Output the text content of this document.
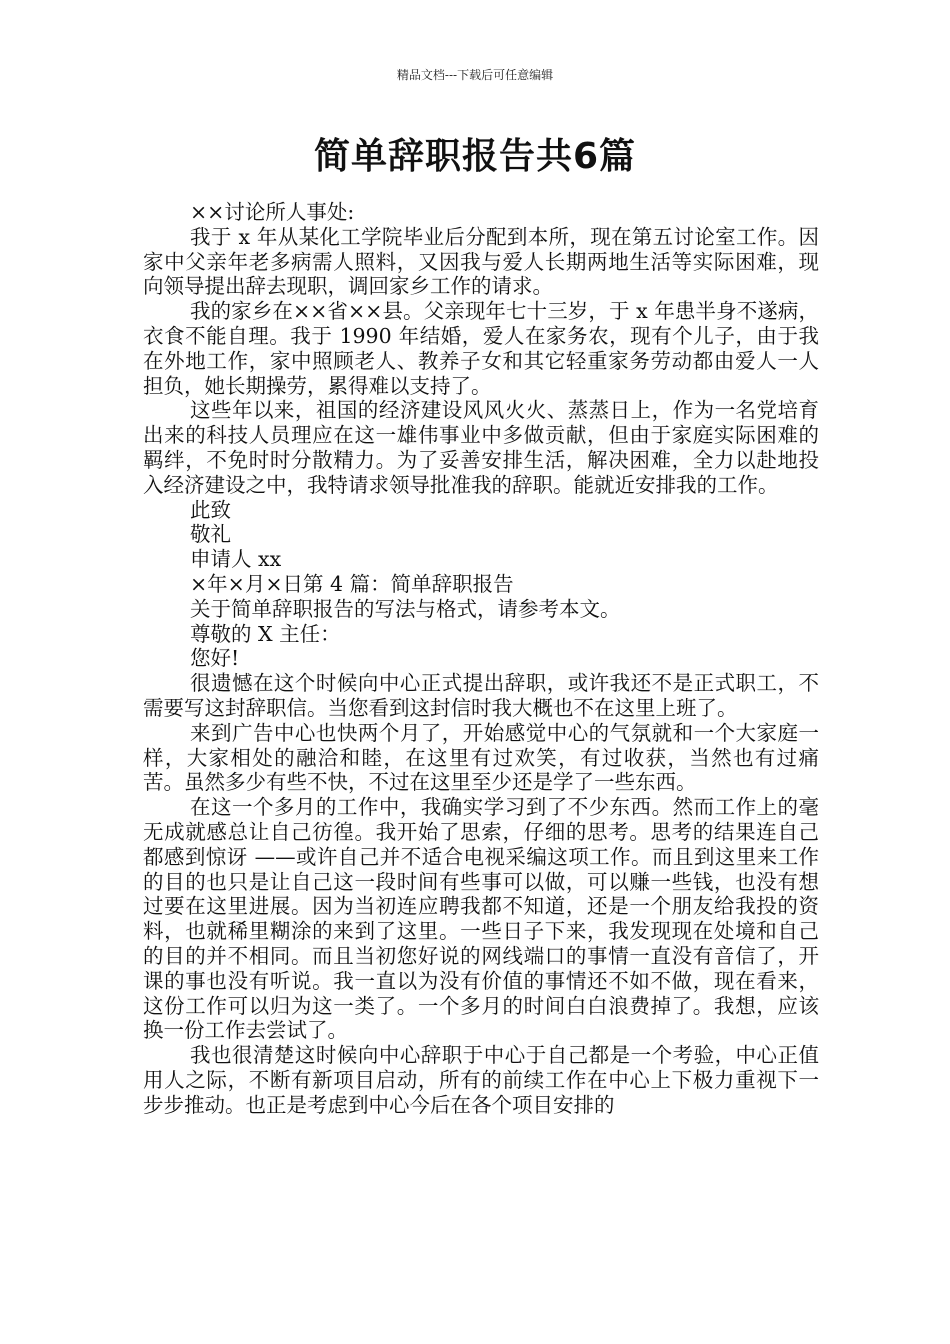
精品文档---下载后可任意编辑
简单辞职报告共6篇

××讨论所人事处:

我于 x 年从某化工学院毕业后分配到本所，现在第五讨论室工作。因家中父亲年老多病需人照料，又因我与爱人长期两地生活等实际困难，现向领导提出辞去现职，调回家乡工作的请求。

我的家乡在××省××县。父亲现年七十三岁，于 x 年患半身不遂病，衣食不能自理。我于 1990 年结婚，爱人在家务农，现有个儿子，由于我在外地工作，家中照顾老人、教养子女和其它轻重家务劳动都由爱人一人担负，她长期操劳，累得难以支持了。

这些年以来，祖国的经济建设风风火火、蒸蒸日上，作为一名党培育出来的科技人员理应在这一雄伟事业中多做贡献，但由于家庭实际困难的羁绊，不免时时分散精力。为了妥善安排生活，解决困难，全力以赴地投入经济建设之中，我特请求领导批准我的辞职。能就近安排我的工作。

此致

敬礼

申请人 xx

×年×月×日第 4 篇：简单辞职报告

关于简单辞职报告的写法与格式，请参考本文。

尊敬的 X 主任：

您好!

很遗憾在这个时候向中心正式提出辞职，或许我还不是正式职工，不需要写这封辞职信。当您看到这封信时我大概也不在这里上班了。

来到广告中心也快两个月了，开始感觉中心的气氛就和一个大家庭一样，大家相处的融洽和睦，在这里有过欢笑，有过收获，当然也有过痛苦。虽然多少有些不快，不过在这里至少还是学了一些东西。

在这一个多月的工作中，我确实学习到了不少东西。然而工作上的毫无成就感总让自己彷徨。我开始了思索，仔细的思考。思考的结果连自己都感到惊讶 ——或许自己并不适合电视采编这项工作。而且到这里来工作的目的也只是让自己这一段时间有些事可以做，可以赚一些钱，也没有想过要在这里进展。因为当初连应聘我都不知道，还是一个朋友给我投的资料，也就稀里糊涂的来到了这里。一些日子下来，我发现现在处境和自己的目的并不相同。而且当初您好说的网线端口的事情一直没有音信了，开课的事也没有听说。我一直以为没有价值的事情还不如不做，现在看来，这份工作可以归为这一类了。一个多月的时间白白浪费掉了。我想，应该换一份工作去尝试了。

我也很清楚这时候向中心辞职于中心于自己都是一个考验，中心正值用人之际，不断有新项目启动，所有的前续工作在中心上下极力重视下一步步推动。也正是考虑到中心今后在各个项目安排的
